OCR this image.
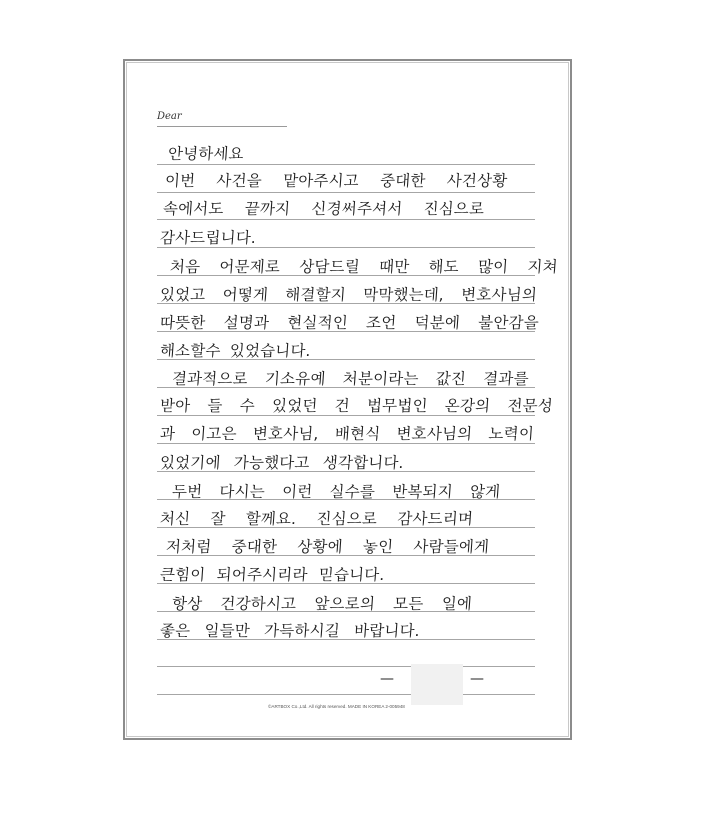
Dear
안녕하세요
이번 사건을 맡아주시고 중대한 사건상황
속에서도 끝까지 신경써주셔서 진심으로
감사드립니다.
처음 어문제로 상담드릴 때만 해도 많이 지쳐
있었고 어떻게 해결할지 막막했는데, 변호사님의
따뜻한 설명과 현실적인 조언 덕분에 불안감을
해소할수 있었습니다.
결과적으로 기소유예 처분이라는 값진 결과를
받아 들 수 있었던 건 법무법인 온강의 전문성
과 이고은 변호사님, 배현식 변호사님의 노력이
있었기에 가능했다고 생각합니다.
두번 다시는 이런 실수를 반복되지 않게
처신 잘 할께요. 진심으로 감사드리며
저처럼 중대한 상황에 놓인 사람들에게
큰힘이 되어주시리라 믿습니다.
항상 건강하시고 앞으로의 모든 일에
좋은 일들만 가득하시길 바랍니다.
—	—
©ARTBOX Co.,Ltd. All rights reserved. MADE IN KOREA 2-005948
